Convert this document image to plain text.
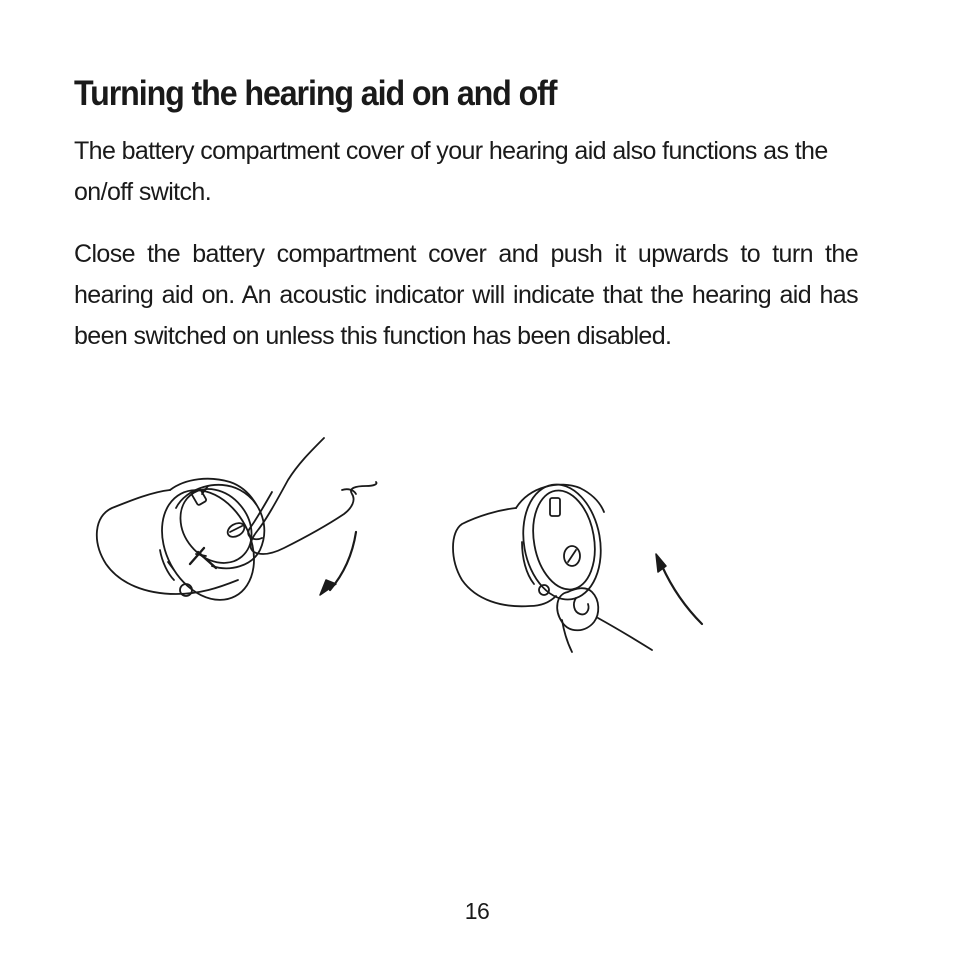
Turning the hearing aid on and off

The battery compartment cover of your hearing aid also functions as the on/off switch.

Close the battery compartment cover and push it upwards to turn the hearing aid on. An acoustic indicator will indicate that the hearing aid has been switched on unless this function has been disabled.

16
